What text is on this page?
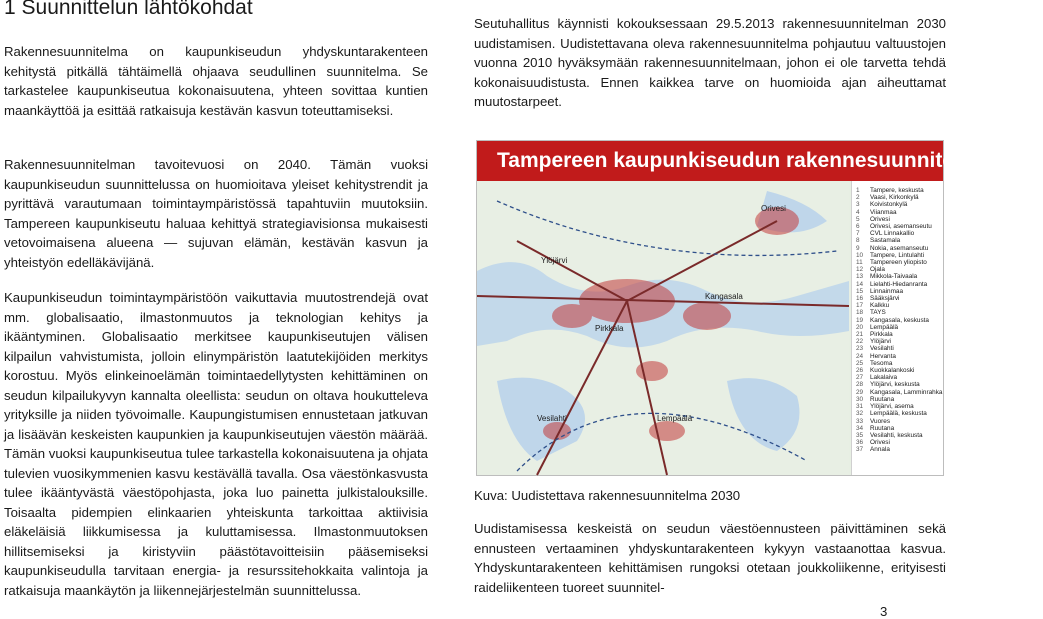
1 Suunnittelun lähtökohdat

Rakennesuunnitelma on kaupunkiseudun yhdyskuntarakenteen kehitystä pitkällä tähtäimellä ohjaava seudullinen suunnitelma. Se tarkastelee kaupunkiseutua kokonaisuutena, yhteen sovittaa kuntien maankäyttöä ja esittää ratkaisuja kestävän kasvun toteuttamiseksi.

Rakennesuunnitelman tavoitevuosi on 2040. Tämän vuoksi kaupunkiseudun suunnittelussa on huomioitava yleiset kehitystrendit ja pyrittävä varautumaan toimintaympäristössä tapahtuviin muutoksiin. Tampereen kaupunkiseutu haluaa kehittyä strategiavisionsa mukaisesti vetovoimaisena alueena — sujuvan elämän, kestävän kasvun ja yhteistyön edelläkävijänä.

Kaupunkiseudun toimintaympäristöön vaikuttavia muutostrendejä ovat mm. globalisaatio, ilmastonmuutos ja teknologian kehitys ja ikääntyminen. Globalisaatio merkitsee kaupunkiseutujen välisen kilpailun vahvistumista, jolloin elinympäristön laatutekijöiden merkitys korostuu. Myös elinkeinoelämän toimintaedellytysten kehittäminen on seudun kilpailukyvyn kannalta oleellista: seudun on oltava houkutteleva yrityksille ja niiden työvoimalle. Kaupungistumisen ennustetaan jatkuvan ja lisäävän keskeisten kaupunkien ja kaupunkiseutujen väestön määrää. Tämän vuoksi kaupunkiseutua tulee tarkastella kokonaisuutena ja ohjata tulevien vuosikymmenien kasvu kestävällä tavalla. Osa väestönkasvusta tulee ikääntyvästä väestöpohjasta, joka luo painetta julkistalouksille. Toisaalta pidempien elinkaarien yhteiskunta tarkoittaa aktiivisia eläkeläisiä liikkumisessa ja kuluttamisessa. Ilmastonmuutoksen hillitsemiseksi ja kiristyviin päästötavoitteisiin pääsemiseksi kaupunkiseudulla tarvitaan energia- ja resurssitehokkaita valintoja ja ratkaisuja maankäytön ja liikennejärjestelmän suunnittelussa.

Seutuhallitus käynnisti kokouksessaan 29.5.2013 rakennesuunnitelman 2030 uudistamisen. Uudistettavana oleva rakennesuunnitelma pohjautuu valtuustojen vuonna 2010 hyväksymään rakennesuunnitelmaan, johon ei ole tarvetta tehdä kokonaisuudistusta. Ennen kaikkea tarve on huomioida ajan aiheuttamat muutostarpeet.

Tampereen kaupunkiseudun rakennesuunnitelma 2030
Orivesi
Ylöjärvi
Kangasala
Pirkkala
Vesilahti	Lempäälä
1 Tampere, keskusta
2 Vaasi, Kirkonkylä
3 Koivistonkylä
4 Viianmaa
5 Orivesi
6 Orivesi, asemanseutu
7 CVL Linnakallio
8 Sastamala
9 Nokia, asemanseutu
10 Tampere, Lintulahti
11 Tampereen yliopisto
12 Ojala
13 Mikkola-Taivaala
14 Lielahti-Hiedanranta
15 Linnainmaa
16 Sääksjärvi
17 Kalkku
18 TAYS
19 Kangasala, keskusta
20 Lempäälä
21 Pirkkala
22 Ylöjärvi
23 Vesilahti
24 Hervanta
25 Tesoma
26 Kuokkalankoski
27 Lakalaiva
28 Ylöjärvi, keskusta
29 Kangasala, Lamminrahka
30 Ruutana
31 Ylöjärvi, asema
32 Lempäälä, keskusta
33 Vuores
34 Ruutana
35 Vesilahti, keskusta
36 Orivesi
37 Annala

Kuva: Uudistettava rakennesuunnitelma 2030

Uudistamisessa keskeistä on seudun väestöennusteen päivittäminen sekä ennusteen vertaaminen yhdyskuntarakenteen kykyyn vastaanottaa kasvua. Yhdyskuntarakenteen kehittämisen rungoksi otetaan joukkoliikenne, erityisesti raideliikenteen tuoreet suunnitel-

3
